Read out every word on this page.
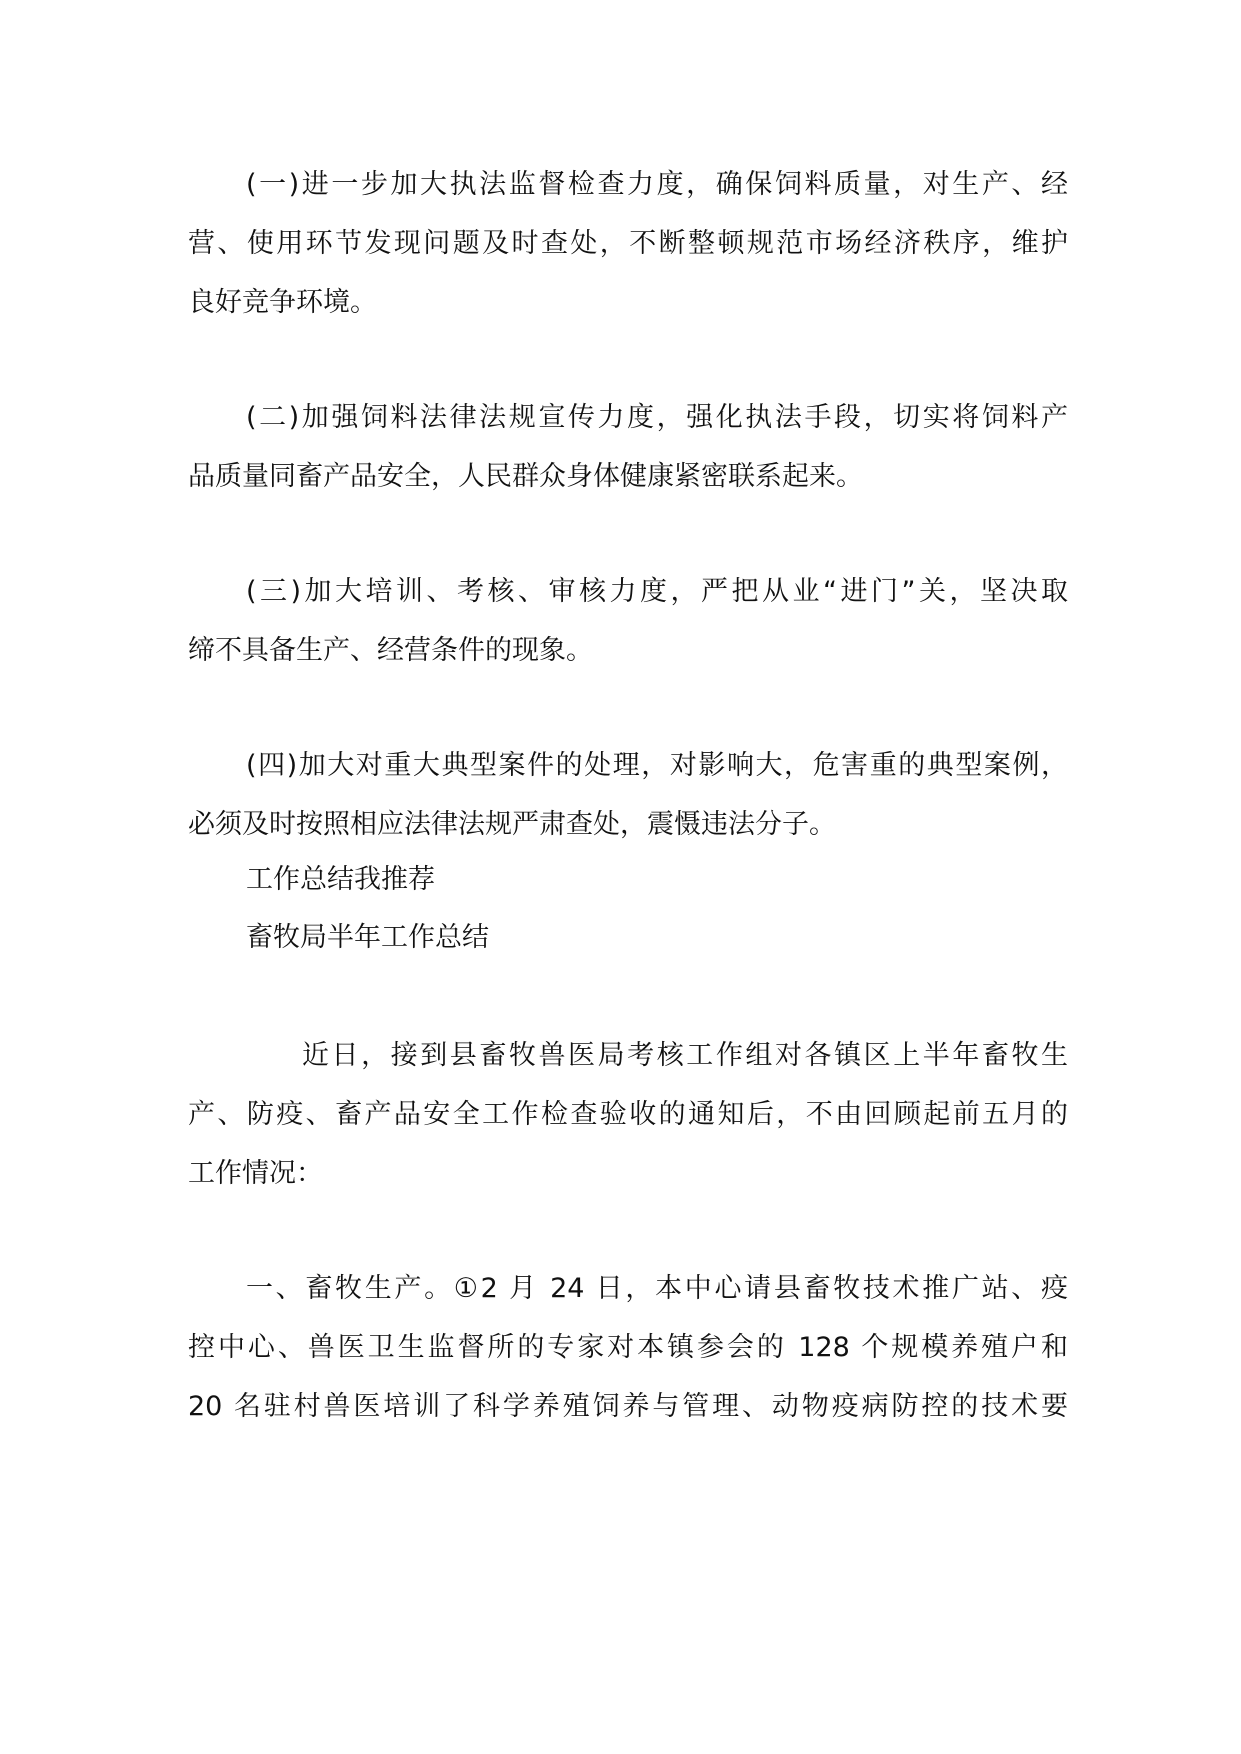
(一)进一步加大执法监督检查力度，确保饲料质量，对生产、经
营、使用环节发现问题及时查处，不断整顿规范市场经济秩序，维护
良好竞争环境。
(二)加强饲料法律法规宣传力度，强化执法手段，切实将饲料产
品质量同畜产品安全，人民群众身体健康紧密联系起来。
(三)加大培训、考核、审核力度，严把从业“进门”关，坚决取
缔不具备生产、经营条件的现象。
(四)加大对重大典型案件的处理，对影响大，危害重的典型案例，
必须及时按照相应法律法规严肃查处，震慑违法分子。
工作总结我推荐
畜牧局半年工作总结
近日，接到县畜牧兽医局考核工作组对各镇区上半年畜牧生
产、防疫、畜产品安全工作检查验收的通知后，不由回顾起前五月的
工作情况：
一、畜牧生产。①2 月 24 日，本中心请县畜牧技术推广站、疫
控中心、兽医卫生监督所的专家对本镇参会的 128 个规模养殖户和
20 名驻村兽医培训了科学养殖饲养与管理、动物疫病防控的技术要
